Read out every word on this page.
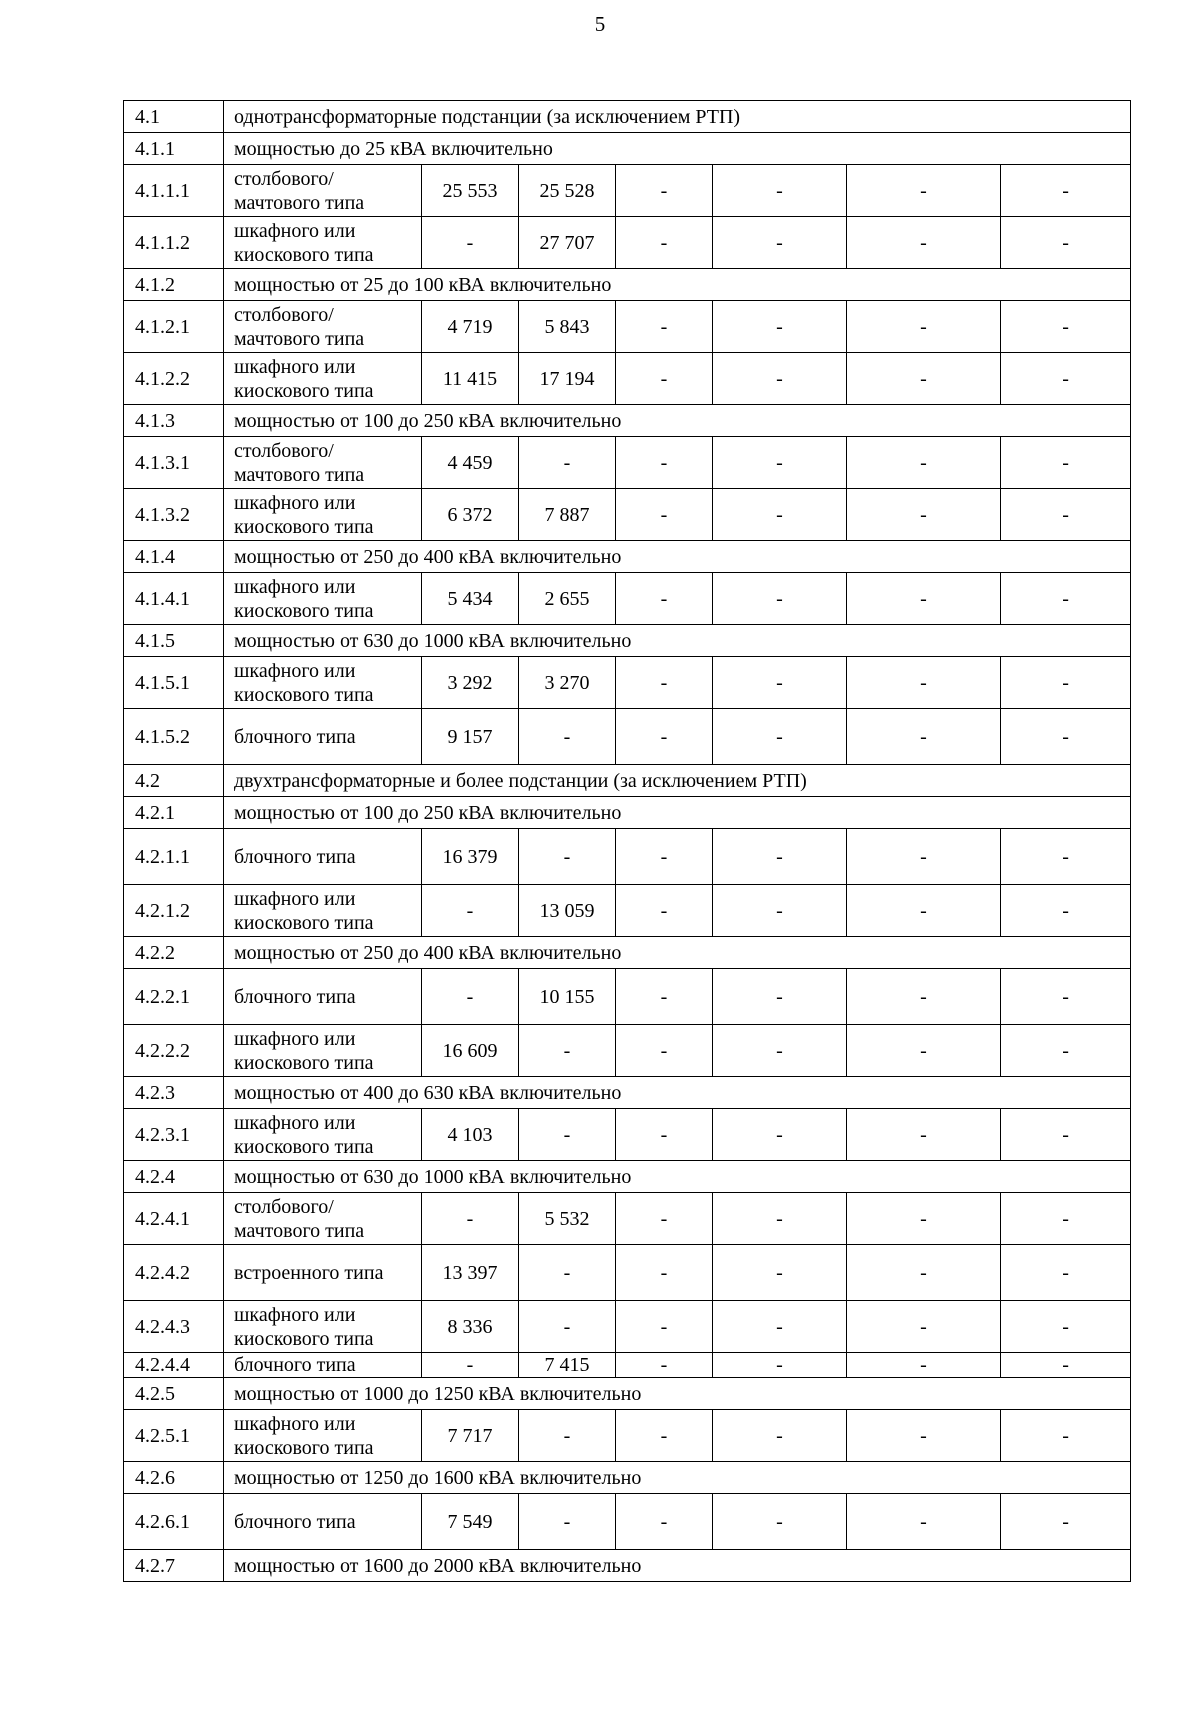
5
4.1	однотрансформаторные подстанции (за исключением РТП)						
4.1.1	мощностью до 25 кВА включительно						
4.1.1.1	столбового/
мачтового типа	25 553	25 528	-	-	-	-
4.1.1.2	шкафного или
киоскового типа	-	27 707	-	-	-	-
4.1.2	мощностью от 25 до 100 кВА включительно						
4.1.2.1	столбового/
мачтового типа	4 719	5 843	-	-	-	-
4.1.2.2	шкафного или
киоскового типа	11 415	17 194	-	-	-	-
4.1.3	мощностью от 100 до 250 кВА включительно						
4.1.3.1	столбового/
мачтового типа	4 459	-	-	-	-	-
4.1.3.2	шкафного или
киоскового типа	6 372	7 887	-	-	-	-
4.1.4	мощностью от 250 до 400 кВА включительно						
4.1.4.1	шкафного или
киоскового типа	5 434	2 655	-	-	-	-
4.1.5	мощностью от 630 до 1000 кВА включительно						
4.1.5.1	шкафного или
киоскового типа	3 292	3 270	-	-	-	-
4.1.5.2	блочного типа	9 157	-	-	-	-	-
4.2	двухтрансформаторные и более подстанции (за исключением РТП)						
4.2.1	мощностью от 100 до 250 кВА включительно						
4.2.1.1	блочного типа	16 379	-	-	-	-	-
4.2.1.2	шкафного или
киоскового типа	-	13 059	-	-	-	-
4.2.2	мощностью от 250 до 400 кВА включительно						
4.2.2.1	блочного типа	-	10 155	-	-	-	-
4.2.2.2	шкафного или
киоскового типа	16 609	-	-	-	-	-
4.2.3	мощностью от 400 до 630 кВА включительно						
4.2.3.1	шкафного или
киоскового типа	4 103	-	-	-	-	-
4.2.4	мощностью от 630 до 1000 кВА включительно						
4.2.4.1	столбового/
мачтового типа	-	5 532	-	-	-	-
4.2.4.2	встроенного типа	13 397	-	-	-	-	-
4.2.4.3	шкафного или
киоскового типа	8 336	-	-	-	-	-
4.2.4.4	блочного типа	-	7 415	-	-	-	-
4.2.5	мощностью от 1000 до 1250 кВА включительно						
4.2.5.1	шкафного или
киоскового типа	7 717	-	-	-	-	-
4.2.6	мощностью от 1250 до 1600 кВА включительно						
4.2.6.1	блочного типа	7 549	-	-	-	-	-
4.2.7	мощностью от 1600 до 2000 кВА включительно						
